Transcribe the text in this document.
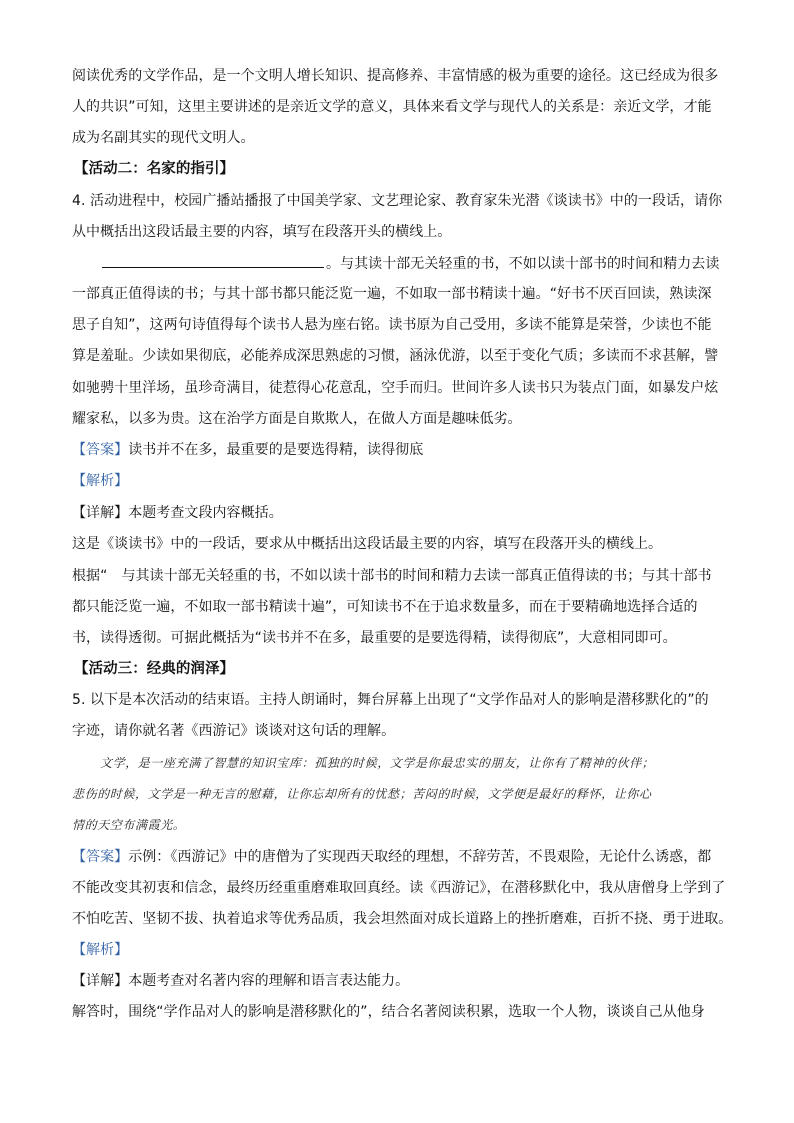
阅读优秀的文学作品，是一个文明人增长知识、提高修养、丰富情感的极为重要的途径。这已经成为很多
人的共识”可知，这里主要讲述的是亲近文学的意义，具体来看文学与现代人的关系是：亲近文学，才能
成为名副其实的现代文明人。
【活动二：名家的指引】
4. 活动进程中，校园广播站播报了中国美学家、文艺理论家、教育家朱光潜《谈读书》中的一段话，请你
从中概括出这段话最主要的内容，填写在段落开头的横线上。
。与其读十部无关轻重的书，不如以读十部书的时间和精力去读
一部真正值得读的书；与其十部书都只能泛览一遍，不如取一部书精读十遍。“好书不厌百回读，熟读深
思子自知”，这两句诗值得每个读书人悬为座右铭。读书原为自己受用，多读不能算是荣誉，少读也不能
算是羞耻。少读如果彻底，必能养成深思熟虑的习惯，涵泳优游，以至于变化气质；多读而不求甚解，譬
如驰骋十里洋场，虽珍奇满目，徒惹得心花意乱，空手而归。世间许多人读书只为装点门面，如暴发户炫
耀家私，以多为贵。这在治学方面是自欺欺人，在做人方面是趣味低劣。
【答案】读书并不在多，最重要的是要选得精，读得彻底
【解析】
【详解】本题考查文段内容概括。
这是《谈读书》中的一段话，要求从中概括出这段话最主要的内容，填写在段落开头的横线上。
根据“　与其读十部无关轻重的书，不如以读十部书的时间和精力去读一部真正值得读的书；与其十部书
都只能泛览一遍，不如取一部书精读十遍”，可知读书不在于追求数量多，而在于要精确地选择合适的
书，读得透彻。可据此概括为“读书并不在多，最重要的是要选得精，读得彻底”，大意相同即可。
【活动三：经典的润泽】
5. 以下是本次活动的结束语。主持人朗诵时，舞台屏幕上出现了“文学作品对人的影响是潜移默化的”的
字迹，请你就名著《西游记》谈谈对这句话的理解。
文学，是一座充满了智慧的知识宝库：孤独的时候，文学是你最忠实的朋友，让你有了精神的伙伴；
悲伤的时候，文学是一种无言的慰藉，让你忘却所有的忧愁；苦闷的时候，文学便是最好的释怀，让你心
情的天空布满霞光。
【答案】示例：《西游记》中的唐僧为了实现西天取经的理想，不辞劳苦，不畏艰险，无论什么诱惑，都
不能改变其初衷和信念，最终历经重重磨难取回真经。读《西游记》，在潜移默化中，我从唐僧身上学到了
不怕吃苦、坚韧不拔、执着追求等优秀品质，我会坦然面对成长道路上的挫折磨难，百折不挠、勇于进取。
【解析】
【详解】本题考查对名著内容的理解和语言表达能力。
解答时，围绕“学作品对人的影响是潜移默化的”，结合名著阅读积累，选取一个人物，谈谈自己从他身
